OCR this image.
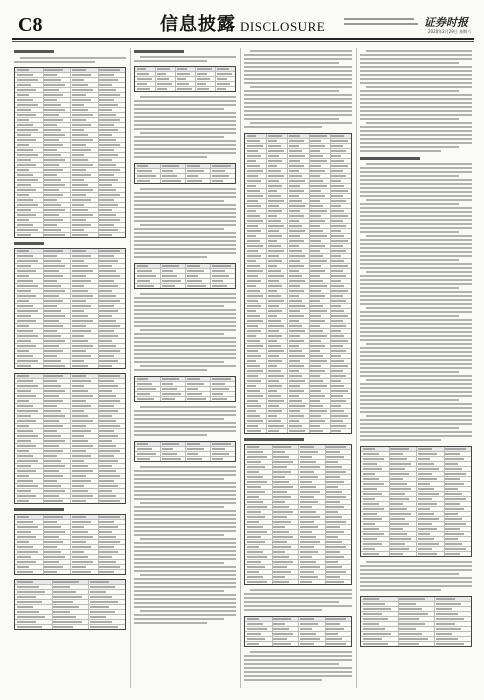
C8	信息披露 DISCLOSURE	证券时报
2020年2月29日 星期六
